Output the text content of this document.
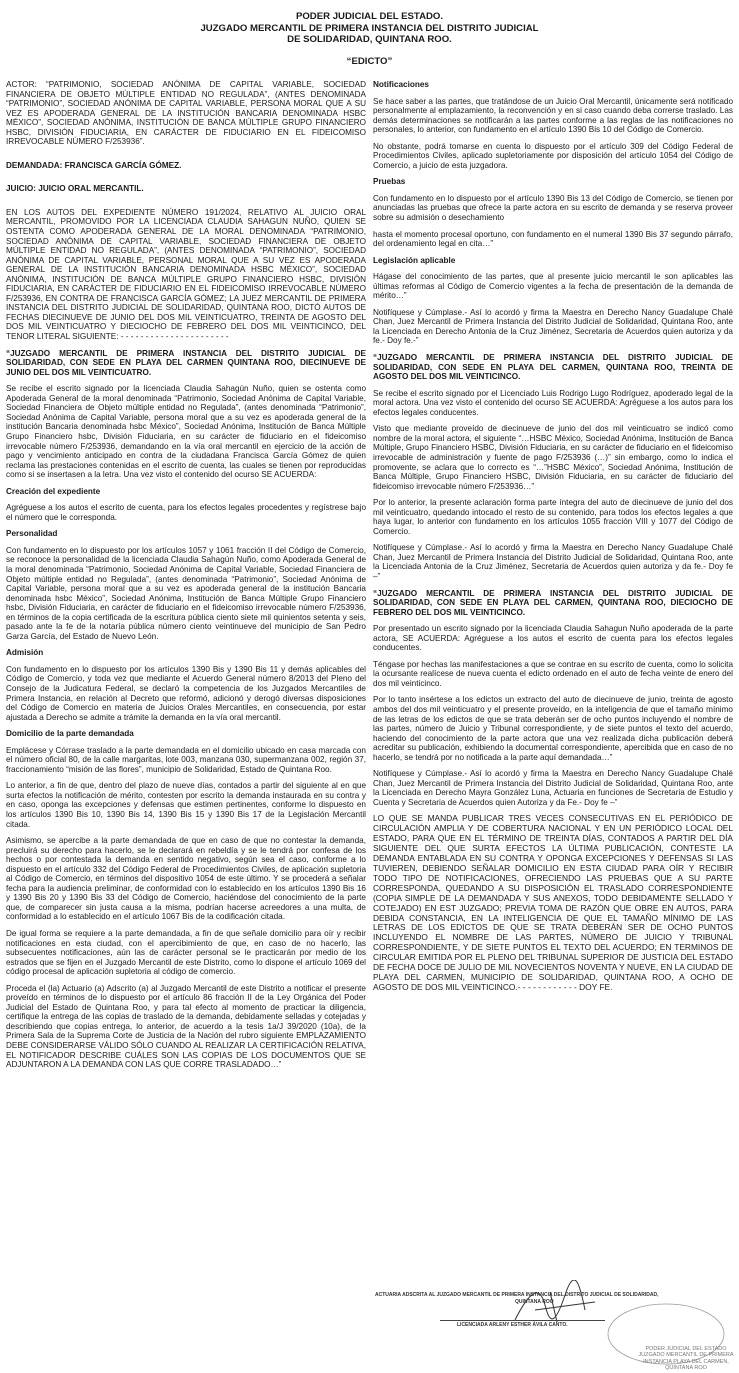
PODER JUDICIAL DEL ESTADO.
JUZGADO MERCANTIL DE PRIMERA INSTANCIA DEL DISTRITO JUDICIAL
DE SOLIDARIDAD, QUINTANA ROO.
“EDICTO”

ACTOR: “PATRIMONIO, SOCIEDAD ANÓNIMA DE CAPITAL VARIABLE, SOCIEDAD FINANCIERA DE OBJETO MÚLTIPLE ENTIDAD NO REGULADA”, (ANTES DENOMINADA “PATRIMONIO”, SOCIEDAD ANÓNIMA DE CAPITAL VARIABLE, PERSONA MORAL QUE A SU VEZ ES APODERADA GENERAL DE LA INSTITUCIÓN BANCARIA DENOMINADA HSBC MÉXICO”, SOCIEDAD ANÓNIMA, INSTITUCIÓN DE BANCA MÚLTIPLE GRUPO FINANCIERO HSBC, DIVISIÓN FIDUCIARIA, EN CARÁCTER DE FIDUCIARIO EN EL FIDEICOMISO IRREVOCABLE NÚMERO F/253936”.

DEMANDADA: FRANCISCA GARCÍA GÓMEZ.

JUICIO: JUICIO ORAL MERCANTIL.

EN LOS AUTOS DEL EXPEDIENTE NÚMERO 191/2024, RELATIVO AL JUICIO ORAL MERCANTIL, PROMOVIDO POR LA LICENCIADA CLAUDIA SAHAGUN NUÑO, QUIEN SE OSTENTA COMO APODERADA GENERAL DE LA MORAL DENOMINADA “PATRIMONIO, SOCIEDAD ANÓNIMA DE CAPITAL VARIABLE, SOCIEDAD FINANCIERA DE OBJETO MÚLTIPLE ENTIDAD NO REGULADA”, (ANTES DENOMINADA “PATRIMONIO”, SOCIEDAD ANÓNIMA DE CAPITAL VARIABLE, PERSONAL MORAL QUE A SU VEZ ES APODERADA GENERAL DE LA INSTITUCIÓN BANCARIA DENOMINADA HSBC MÉXICO”, SOCIEDAD ANÓNIMA, INSTITUCIÓN DE BANCA MÚLTIPLE GRUPO FINANCIERO HSBC, DIVISIÓN FIDUCIARIA, EN CARÁCTER DE FIDUCIARIO EN EL FIDEICOMISO IRREVOCABLE NÚMERO F/253936, EN CONTRA DE FRANCISCA GARCÍA GÓMEZ; LA JUEZ MERCANTIL DE PRIMERA INSTANCIA DEL DISTRITO JUDICIAL DE SOLIDARIDAD, QUINTANA ROO, DICTÓ AUTOS DE FECHAS DIECINUEVE DE JUNIO DEL DOS MIL VEINTICUATRO, TREINTA DE AGOSTO DEL DOS MIL VEINTICUATRO Y DIECIOCHO DE FEBRERO DEL DOS MIL VEINTICINCO, DEL TENOR LITERAL SIGUIENTE: - - - - - - - - - - - - - - - - - - - - - -

“JUZGADO MERCANTIL DE PRIMERA INSTANCIA DEL DISTRITO JUDICIAL DE SOLIDARIDAD, CON SEDE EN PLAYA DEL CARMEN QUINTANA ROO, DIECINUEVE DE JUNIO DEL DOS MIL VEINTICUATRO.

Se recibe el escrito signado por la licenciada Claudia Sahagún Nuño, quien se ostenta como Apoderada General de la moral denominada “Patrimonio, Sociedad Anónima de Capital Variable, Sociedad Financiera de Objeto múltiple entidad no Regulada”, (antes denominada “Patrimonio”, Sociedad Anónima de Capital Variable, persona moral que a su vez es apoderada general de la institución Bancaria denominada hsbc México”, Sociedad Anónima, Institución de Banca Múltiple Grupo Financiero hsbc, División Fiduciaria, en su carácter de fiduciario en el fideicomiso irrevocable número F/253936, demandando en la vía oral mercantil en ejercicio de la acción de pago y vencimiento anticipado en contra de la ciudadana Francisca García Gómez de quien reclama las prestaciones contenidas en el escrito de cuenta, las cuales se tienen por reproducidas como si se insertasen a la letra. Una vez visto el contenido del ocurso SE ACUERDA:

Creación del expediente

Agréguese a los autos el escrito de cuenta, para los efectos legales procedentes y regístrese bajo el número que le corresponda.

Personalidad

Con fundamento en lo dispuesto por los artículos 1057 y 1061 fracción II del Código de Comercio, se reconoce la personalidad de la licenciada Claudia Sahagún Nuño, como Apoderada General de la moral denominada “Patrimonio, Sociedad Anónima de Capital Variable, Sociedad Financiera de Objeto múltiple entidad no Regulada”, (antes denominada “Patrimonio”, Sociedad Anónima de Capital Variable, persona moral que a su vez es apoderada general de la institución Bancaria denominada hsbc México”, Sociedad Anónima, Institución de Banca Múltiple Grupo Financiero hsbc, División Fiduciaria, en carácter de fiduciario en el fideicomiso irrevocable número F/253936, en términos de la copia certificada de la escritura pública ciento siete mil quinientos setenta y seis, pasado ante la fe de la notaría pública número ciento veintinueve del municipio de San Pedro Garza García, del Estado de Nuevo León.

Admisión

Con fundamento en lo dispuesto por los artículos 1390 Bis y 1390 Bis 11 y demás aplicables del Código de Comercio, y toda vez que mediante el Acuerdo General número 8/2013 del Pleno del Consejo de la Judicatura Federal, se declaró la competencia de los Juzgados Mercantiles de Primera Instancia, en relación al Decreto que reformó, adicionó y derogó diversas disposiciones del Código de Comercio en materia de Juicios Orales Mercantiles, en consecuencia, por estar ajustada a Derecho se admite a trámite la demanda en la vía oral mercantil.

Domicilio de la parte demandada

Emplácese y Córrase traslado a la parte demandada en el domicilio ubicado en casa marcada con el número oficial 80, de la calle margaritas, lote 003, manzana 030, supermanzana 002, región 37, fraccionamiento “misión de las flores”, municipio de Solidaridad, Estado de Quintana Roo.

Lo anterior, a fin de que, dentro del plazo de nueve días, contados a partir del siguiente al en que surta efectos la notificación de mérito, contesten por escrito la demanda instaurada en su contra y en caso, oponga las excepciones y defensas que estimen pertinentes, conforme lo dispuesto en los artículos 1390 Bis 10, 1390 Bis 14, 1390 Bis 15 y 1390 Bis 17 de la Legislación Mercantil citada.

Asimismo, se apercibe a la parte demandada de que en caso de que no contestar la demanda, precluirá su derecho para hacerlo, se le declarará en rebeldía y se le tendrá por confesa de los hechos o por contestada la demanda en sentido negativo, según sea el caso, conforme a lo dispuesto en el artículo 332 del Código Federal de Procedimientos Civiles, de aplicación supletoria al Código de Comercio, en términos del dispositivo 1054 de este último. Y se procederá a señalar fecha para la audiencia preliminar, de conformidad con lo establecido en los artículos 1390 Bis 16 y 1390 Bis 20 y 1390 Bis 33 del Código de Comercio, haciéndose del conocimiento de la parte que, de comparecer sin justa causa a la misma, podrían hacerse acreedores a una multa, de conformidad a lo establecido en el artículo 1067 Bis de la codificación citada.

De igual forma se requiere a la parte demandada, a fin de que señale domicilio para oír y recibir notificaciones en esta ciudad, con el apercibimiento de que, en caso de no hacerlo, las subsecuentes notificaciones, aún las de carácter personal se le practicarán por medio de los estrados que se fijen en el Juzgado Mercantil de este Distrito, como lo dispone el artículo 1069 del código procesal de aplicación supletoria al código de comercio.

Proceda el (la) Actuario (a) Adscrito (a) al Juzgado Mercantil de este Distrito a notificar el presente proveído en términos de lo dispuesto por el artículo 86 fracción II de la Ley Orgánica del Poder Judicial del Estado de Quintana Roo, y para tal efecto al momento de practicar la diligencia, certifique la entrega de las copias de traslado de la demanda, debidamente selladas y cotejadas y describiendo que copias entrega, lo anterior, de acuerdo a la tesis 1a/J 39/2020 (10a), de la Primera Sala de la Suprema Corte de Justicia de la Nación del rubro siguiente EMPLAZAMIENTO DEBE CONSIDERARSE VÁLIDO SÓLO CUANDO AL REALIZAR LA CERTIFICACIÓN RELATIVA, EL NOTIFICADOR DESCRIBE CUÁLES SON LAS COPIAS DE LOS DOCUMENTOS QUE SE ADJUNTARON A LA DEMANDA CON LAS QUE CORRE TRASLADADO…”

Notificaciones

Se hace saber a las partes, que tratándose de un Juicio Oral Mercantil, únicamente será notificado personalmente al emplazamiento, la reconvención y en si caso cuando deba correrse traslado. Las demás determinaciones se notificarán a las partes conforme a las reglas de las notificaciones no personales, lo anterior, con fundamento en el artículo 1390 Bis 10 del Código de Comercio.

No obstante, podrá tomarse en cuenta lo dispuesto por el artículo 309 del Código Federal de Procedimientos Civiles, aplicado supletoriamente por disposición del artículo 1054 del Código de Comercio, a juicio de esta juzgadora.

Pruebas

Con fundamento en lo dispuesto por el artículo 1390 Bis 13 del Código de Comercio, se tienen por anunciadas las pruebas que ofrece la parte actora en su escrito de demanda y se reserva proveer sobre su admisión o desechamiento

hasta el momento procesal oportuno, con fundamento en el numeral 1390 Bis 37 segundo párrafo, del ordenamiento legal en cita…”

Legislación aplicable

Hágase del conocimiento de las partes, que al presente juicio mercantil le son aplicables las últimas reformas al Código de Comercio vigentes a la fecha de presentación de la demanda de mérito…”

Notifíquese y Cúmplase.- Así lo acordó y firma la Maestra en Derecho Nancy Guadalupe Chalé Chan, Juez Mercantil de Primera Instancia del Distrito Judicial de Solidaridad, Quintana Roo, ante la Licenciada en Derecho Antonia de la Cruz Jiménez, Secretaria de Acuerdos quien autoriza y da fe.- Doy fe.-”

“JUZGADO MERCANTIL DE PRIMERA INSTANCIA DEL DISTRITO JUDICIAL DE SOLIDARIDAD, CON SEDE EN PLAYA DEL CARMEN, QUINTANA ROO, TREINTA DE AGOSTO DEL DOS MIL VEINTICINCO.

Se recibe el escrito signado por el Licenciado Luis Rodrigo Lugo Rodríguez, apoderado legal de la moral actora. Una vez visto el contenido del ocurso SE ACUERDA: Agréguese a los autos para los efectos legales conducentes.

Visto que mediante proveído de diecinueve de junio del dos mil veinticuatro se indicó como nombre de la moral actora, el siguiente “…HSBC México, Sociedad Anónima, Institución de Banca Múltiple, Grupo Financiero HSBC, División Fiduciaria, en su carácter de fiduciario en el fideicomiso irrevocable de administración y fuente de pago F/253936 (…)” sin embargo, como lo indica el promovente, se aclara que lo correcto es “…”HSBC México”, Sociedad Anónima, Institución de Banca Múltiple, Grupo Financiero HSBC, División Fiduciaria, en su carácter de fiduciario del fideicomiso irrevocable número F/253936…”

Por lo anterior, la presente aclaración forma parte íntegra del auto de diecinueve de junio del dos mil veinticuatro, quedando intocado el resto de su contenido, para todos los efectos legales a que haya lugar, lo anterior con fundamento en los artículos 1055 fracción VIII y 1077 del Código de Comercio.

Notifíquese y Cúmplase.- Así lo acordó y firma la Maestra en Derecho Nancy Guadalupe Chalé Chan, Juez Mercantil de Primera Instancia del Distrito Judicial de Solidaridad, Quintana Roo, ante la Licenciada Antonia de la Cruz Jiménez, Secretaria de Acuerdos quien autoriza y da fe.- Doy fe –”

“JUZGADO MERCANTIL DE PRIMERA INSTANCIA DEL DISTRITO JUDICIAL DE SOLIDARIDAD, CON SEDE EN PLAYA DEL CARMEN, QUINTANA ROO, DIECIOCHO DE FEBRERO DEL DOS MIL VEINTICINCO.

Por presentado un escrito signado por la licenciada Claudia Sahagun Nuño apoderada de la parte actora, SE ACUERDA: Agréguese a los autos el escrito de cuenta para los efectos legales conducentes.

Téngase por hechas las manifestaciones a que se contrae en su escrito de cuenta, como lo solicita la ocursante realícese de nueva cuenta el edicto ordenado en el auto de fecha veinte de enero del dos mil veinticinco.

Por lo tanto insértese a los edictos un extracto del auto de diecinueve de junio, treinta de agosto ambos del dos mil veinticuatro y el presente proveído, en la inteligencia de que el tamaño mínimo de las letras de los edictos de que se trata deberán ser de ocho puntos incluyendo el nombre de las partes, número de Juicio y Tribunal correspondiente, y de siete puntos el texto del acuerdo, haciendo del conocimiento de la parte actora que una vez realizada dicha publicación deberá acreditar su publicación, exhibiendo la documental correspondiente, apercibida que en caso de no hacerlo, se tendrá por no notificada a la parte aquí demandada…”

Notifíquese y Cúmplase.- Así lo acordó y firma la Maestra en Derecho Nancy Guadalupe Chalé Chan, Juez Mercantil de Primera Instancia del Distrito Judicial de Solidaridad, Quintana Roo, ante la Licenciada en Derecho Mayra González Luna, Actuaria en funciones de Secretaria de Estudio y Cuenta y Secretaria de Acuerdos quien Autoriza y da Fe.- Doy fe –”

LO QUE SE MANDA PUBLICAR TRES VECES CONSECUTIVAS EN EL PERIÓDICO DE CIRCULACIÓN AMPLIA Y DE COBERTURA NACIONAL Y EN UN PERIÓDICO LOCAL DEL ESTADO, PARA QUE EN EL TÉRMINO DE TREINTA DÍAS, CONTADOS A PARTIR DEL DÍA SIGUIENTE DEL QUE SURTA EFECTOS LA ÚLTIMA PUBLICACIÓN, CONTESTE LA DEMANDA ENTABLADA EN SU CONTRA Y OPONGA EXCEPCIONES Y DEFENSAS SI LAS TUVIEREN, DEBIENDO SEÑALAR DOMICILIO EN ESTA CIUDAD PARA OÍR Y RECIBIR TODO TIPO DE NOTIFICACIONES, OFRECIENDO LAS PRUEBAS QUE A SU PARTE CORRESPONDA, QUEDANDO A SU DISPOSICIÓN EL TRASLADO CORRESPONDIENTE (COPIA SIMPLE DE LA DEMANDADA Y SUS ANEXOS, TODO DEBIDAMENTE SELLADO Y COTEJADO) EN EST JUZGADO; PREVIA TOMA DE RAZÓN QUE OBRE EN AUTOS, PARA DEBIDA CONSTANCIA, EN LA INTELIGENCIA DE QUE EL TAMAÑO MÍNIMO DE LAS LETRAS DE LOS EDICTOS DE QUE SE TRATA DEBERÁN SER DE OCHO PUNTOS INCLUYENDO EL NOMBRE DE LAS PARTES, NÚMERO DE JUICIO Y TRIBUNAL CORRESPONDIENTE, Y DE SIETE PUNTOS EL TEXTO DEL ACUERDO; EN TERMINOS DE CIRCULAR EMITIDA POR EL PLENO DEL TRIBUNAL SUPERIOR DE JUSTICIA DEL ESTADO DE FECHA DOCE DE JULIO DE MIL NOVECIENTOS NOVENTA Y NUEVE, EN LA CIUDAD DE PLAYA DEL CARMEN, MUNICIPIO DE SOLIDARIDAD, QUINTANA ROO, A OCHO DE AGOSTO DE DOS MIL VEINTICINCO.- - - - - - - - - - - - DOY FE.

ACTUARIA ADSCRITA AL JUZGADO MERCANTIL DE PRIMERA INSTANCIA DEL DISTRITO JUDICIAL DE SOLIDARIDAD,
QUINTANA ROO
LICENCIADA ARLENY ESTHER ÁVILA CANTO.
PODER JUDICIAL DEL ESTADO JUZGADO MERCANTIL DE PRIMERA INSTANCIA PLAYA DEL CARMEN, QUINTANA ROO
